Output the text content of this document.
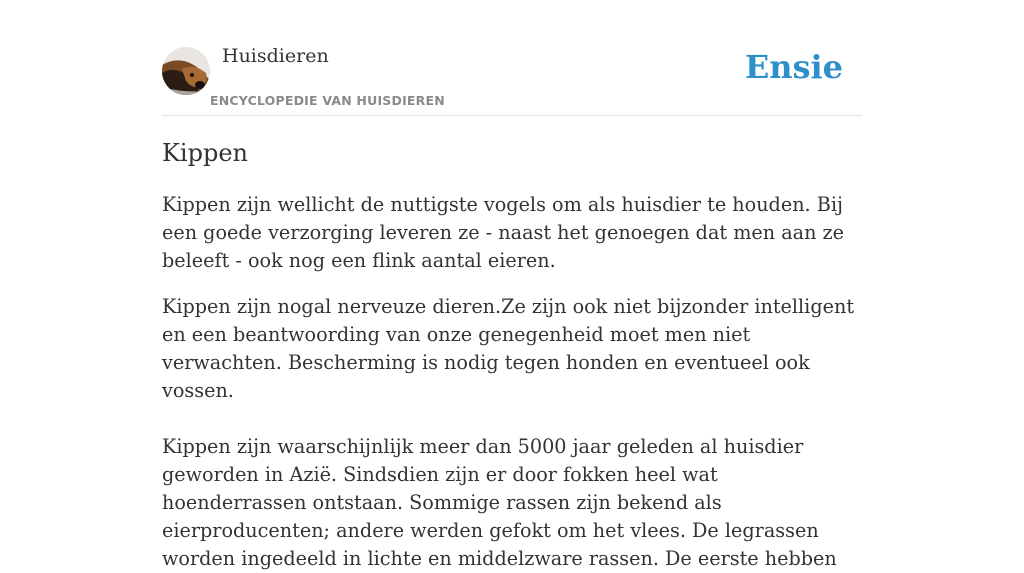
Huisdieren
ENCYCLOPEDIE VAN HUISDIEREN
Ensie
Kippen

Kippen zijn wellicht de nuttigste vogels om als huisdier te houden. Bij een goede verzorging leveren ze - naast het genoegen dat men aan ze beleeft - ook nog een flink aantal eieren.

Kippen zijn nogal nerveuze dieren.Ze zijn ook niet bijzonder intelligent en een beantwoording van onze genegenheid moet men niet verwachten. Bescherming is nodig tegen honden en eventueel ook vossen.

Kippen zijn waarschijnlijk meer dan 5000 jaar geleden al huisdier geworden in Azië. Sindsdien zijn er door fokken heel wat hoenderrassen ontstaan. Sommige rassen zijn bekend als eierproducenten; andere werden gefokt om het vlees. De legrassen worden ingedeeld in lichte en middelzware rassen. De eerste hebben
